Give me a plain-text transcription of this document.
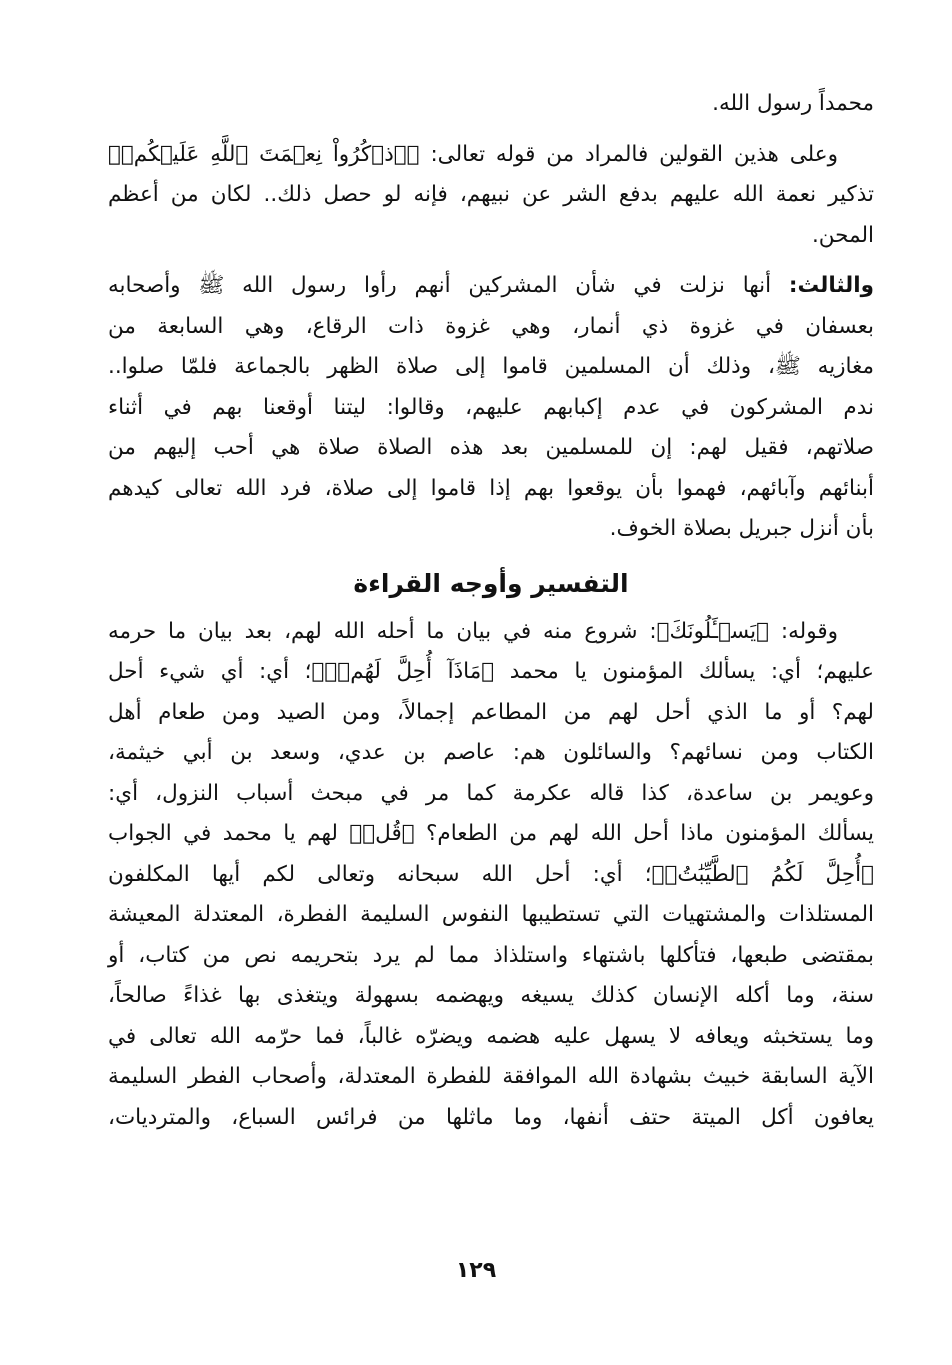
محمداً رسول الله.

وعلى هذين القولين فالمراد من قوله تعالى: ﴿ٱذۡكُرُواْ نِعۡمَتَ ٱللَّهِ عَلَيۡكُمۡ﴾
تذكير نعمة الله عليهم بدفع الشر عن نبيهم، فإنه لو حصل ذلك.. لكان من أعظم
المحن.

والثالث: أنها نزلت في شأن المشركين أنهم رأوا رسول الله ﷺ وأصحابه
بعسفان في غزوة ذي أنمار، وهي غزوة ذات الرقاع، وهي السابعة من
مغازيه ﷺ، وذلك أن المسلمين قاموا إلى صلاة الظهر بالجماعة فلمّا صلوا..
ندم المشركون في عدم إكبابهم عليهم، وقالوا: ليتنا أوقعنا بهم في أثناء
صلاتهم، فقيل لهم: إن للمسلمين بعد هذه الصلاة صلاة هي أحب إليهم من
أبنائهم وآبائهم، فهموا بأن يوقعوا بهم إذا قاموا إلى صلاة، فرد الله تعالى كيدهم
بأن أنزل جبريل بصلاة الخوف.

التفسير وأوجه القراءة

وقوله: ﴿يَسۡـَٔلُونَكَ﴾: شروع منه في بيان ما أحله الله لهم، بعد بيان ما حرمه
عليهم؛ أي: يسألك المؤمنون يا محمد ﴿مَاذَآ أُحِلَّ لَهُمۡۖ﴾؛ أي: أي شيء أحل
لهم؟ أو ما الذي أحل لهم من المطاعم إجمالاً، ومن الصيد ومن طعام أهل
الكتاب ومن نسائهم؟ والسائلون هم: عاصم بن عدي، وسعد بن أبي خيثمة،
وعويمر بن ساعدة، كذا قاله عكرمة كما مر في مبحث أسباب النزول، أي:
يسألك المؤمنون ماذا أحل الله لهم من الطعام؟ ﴿قُلۡ﴾ لهم يا محمد في الجواب
﴿أُحِلَّ لَكُمُ ٱلطَّيِّبَٰتُۙ﴾؛ أي: أحل الله سبحانه وتعالى لكم أيها المكلفون
المستلذات والمشتهيات التي تستطيبها النفوس السليمة الفطرة، المعتدلة المعيشة
بمقتضى طبعها، فتأكلها باشتهاء واستلذاذ مما لم يرد بتحريمه نص من كتاب، أو
سنة، وما أكله الإنسان كذلك يسيغه ويهضمه بسهولة ويتغذى بها غذاءً صالحاً،
وما يستخبثه ويعافه لا يسهل عليه هضمه ويضرّه غالباً، فما حرّمه الله تعالى في
الآية السابقة خبيث بشهادة الله الموافقة للفطرة المعتدلة، وأصحاب الفطر السليمة
يعافون أكل الميتة حتف أنفها، وما ماثلها من فرائس السباع، والمترديات،

١٢٩
